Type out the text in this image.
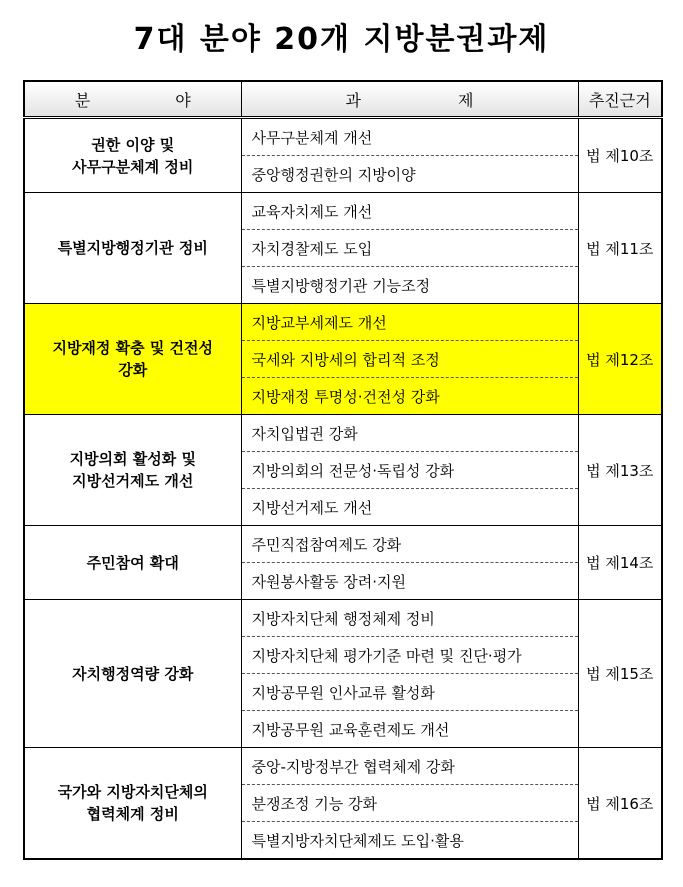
7대 분야 20개 지방분권과제
분 야	과 제	추진근거

권한 이양 및
사무구분체계 정비	사무구분체계 개선	법 제10조
	중앙행정권한의 지방이양	

특별지방행정기관 정비	교육자치제도 개선	법 제11조
	자치경찰제도 도입	
	특별지방행정기관 기능조정	

지방재정 확충 및 건전성
강화	지방교부세제도 개선	법 제12조
	국세와 지방세의 합리적 조정	
	지방재정 투명성·건전성 강화	

지방의회 활성화 및
지방선거제도 개선	자치입법권 강화	법 제13조
	지방의회의 전문성·독립성 강화	
	지방선거제도 개선	

주민참여 확대	주민직접참여제도 강화	법 제14조
	자원봉사활동 장려·지원	

자치행정역량 강화	지방자치단체 행정체제 정비	법 제15조
	지방자치단체 평가기준 마련 및 진단·평가	
	지방공무원 인사교류 활성화	
	지방공무원 교육훈련제도 개선	

국가와 지방자치단체의
협력체계 정비	중앙-지방정부간 협력체제 강화	법 제16조
	분쟁조정 기능 강화	
	특별지방자치단체제도 도입·활용	
